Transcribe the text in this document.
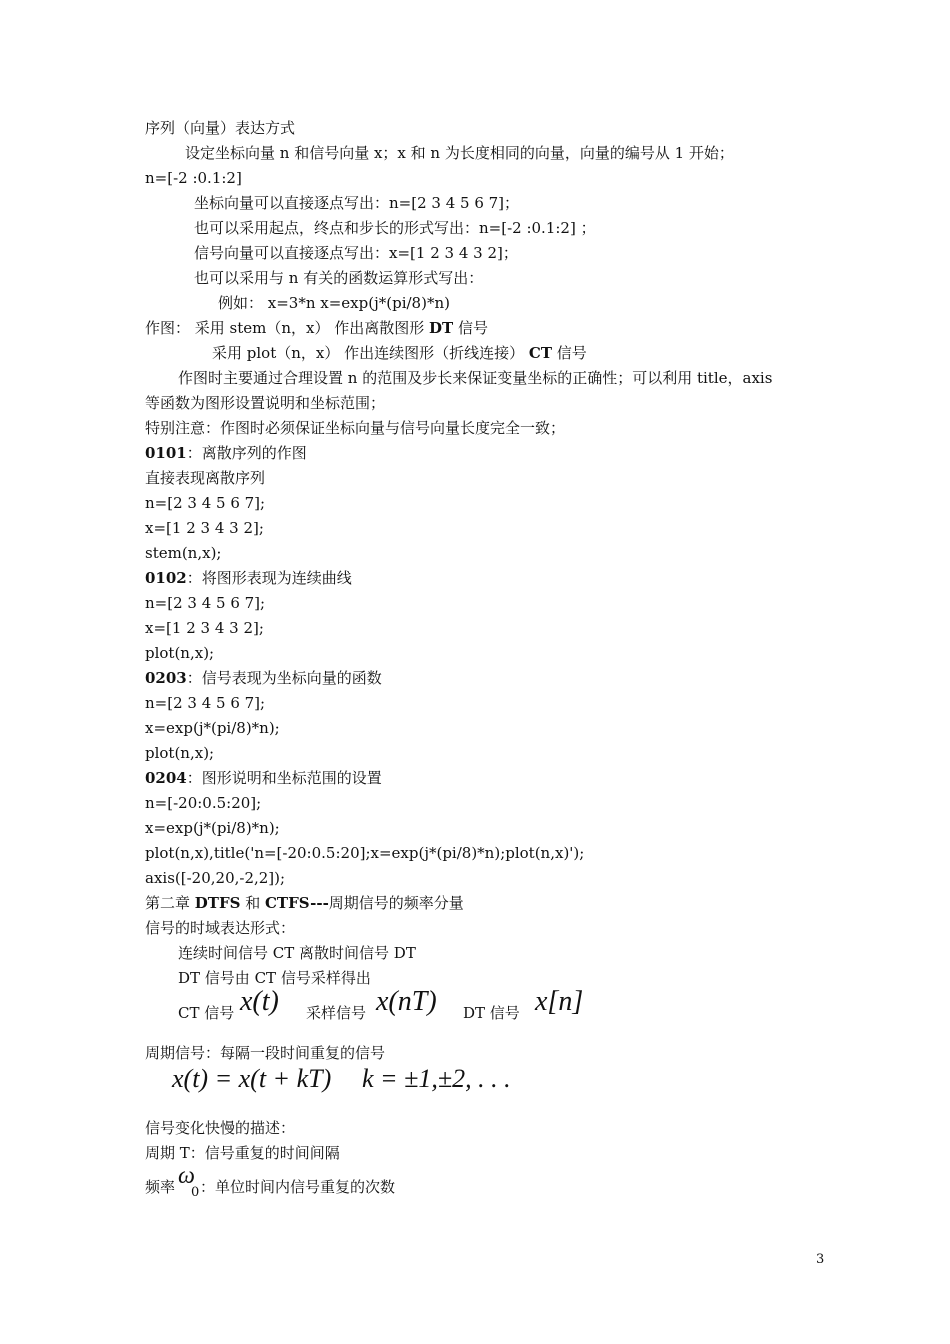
序列（向量）表达方式
设定坐标向量 n 和信号向量 x；x 和 n 为长度相同的向量，向量的编号从 1 开始；
n=[-2 :0.1:2]
坐标向量可以直接逐点写出：n=[2 3 4 5 6 7]；
也可以采用起点，终点和步长的形式写出：n=[-2 :0.1:2] ；
信号向量可以直接逐点写出：x=[1 2 3 4 3 2]；
也可以采用与 n 有关的函数运算形式写出：
例如： x=3*n x=exp(j*(pi/8)*n)
作图： 采用 stem（n，x） 作出离散图形 DT 信号
采用 plot（n，x） 作出连续图形（折线连接） CT 信号
作图时主要通过合理设置 n 的范围及步长来保证变量坐标的正确性；可以利用 title，axis
等函数为图形设置说明和坐标范围；
特别注意：作图时必须保证坐标向量与信号向量长度完全一致；
0101：离散序列的作图
直接表现离散序列
n=[2 3 4 5 6 7];
x=[1 2 3 4 3 2];
stem(n,x);
0102：将图形表现为连续曲线
n=[2 3 4 5 6 7];
x=[1 2 3 4 3 2];
plot(n,x);
0203：信号表现为坐标向量的函数
n=[2 3 4 5 6 7];
x=exp(j*(pi/8)*n);
plot(n,x);
0204：图形说明和坐标范围的设置
n=[-20:0.5:20];
x=exp(j*(pi/8)*n);
plot(n,x),title('n=[-20:0.5:20];x=exp(j*(pi/8)*n);plot(n,x)');
axis([-20,20,-2,2]);
第二章 DTFS 和 CTFS---周期信号的频率分量
信号的时域表达形式：
连续时间信号 CT 离散时间信号 DT
DT 信号由 CT 信号采样得出
周期信号：每隔一段时间重复的信号
信号变化快慢的描述：
周期 T：信号重复的时间间隔
CT 信号 x(t) 采样信号 x(nT) DT 信号 x[n]
x(t) = x(t + kT) k = ±1,±2, . . .
频率 ω
0 ：单位时间内信号重复的次数
3
